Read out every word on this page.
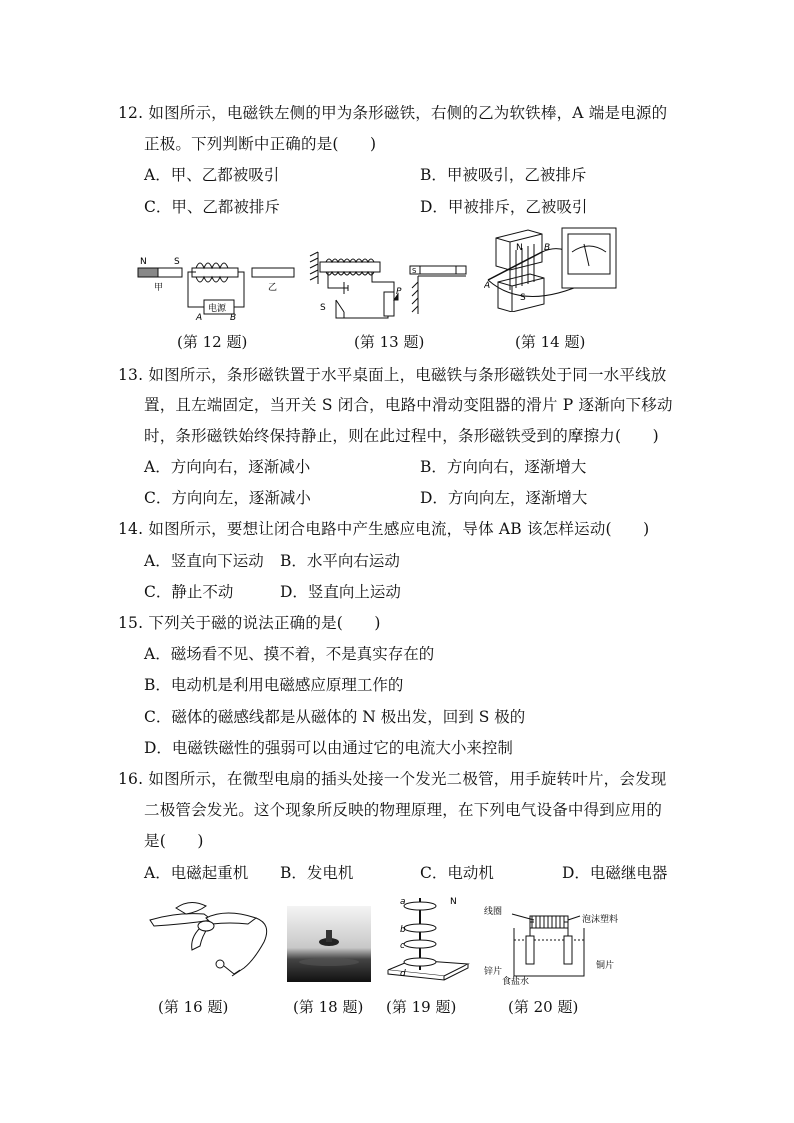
12. 如图所示，电磁铁左侧的甲为条形磁铁，右侧的乙为软铁棒，A 端是电源的
正极。下列判断中正确的是(　　)
A．甲、乙都被吸引	B．甲被吸引，乙被排斥
C．甲、乙都被排斥	D．甲被排斥，乙被吸引
N	S
甲	乙
电源
A	B
S
P
S
N
S
A
B
(第 12 题)	(第 13 题)	(第 14 题)
13. 如图所示，条形磁铁置于水平桌面上，电磁铁与条形磁铁处于同一水平线放
置，且左端固定，当开关 S 闭合，电路中滑动变阻器的滑片 P 逐渐向下移动
时，条形磁铁始终保持静止，则在此过程中，条形磁铁受到的摩擦力(　　)
A．方向向右，逐渐减小	B．方向向右，逐渐增大
C．方向向左，逐渐减小	D．方向向左，逐渐增大
14. 如图所示，要想让闭合电路中产生感应电流，导体 AB 该怎样运动(　　)
A．竖直向下运动 B．水平向右运动
C．静止不动	D．竖直向上运动
15. 下列关于磁的说法正确的是(　　)
A．磁场看不见、摸不着，不是真实存在的
B．电动机是利用电磁感应原理工作的
C．磁体的磁感线都是从磁体的 N 极出发，回到 S 极的
D．电磁铁磁性的强弱可以由通过它的电流大小来控制
16. 如图所示，在微型电扇的插头处接一个发光二极管，用手旋转叶片，会发现
二极管会发光。这个现象所反映的物理原理，在下列电气设备中得到应用的
是(　　)
A．电磁起重机 B．发电机	C．电动机	D．电磁继电器
a
b
c
d
N
线圈
泡沫塑料
锌片
食盐水
铜片
(第 16 题)	(第 18 题) (第 19 题)	(第 20 题)
